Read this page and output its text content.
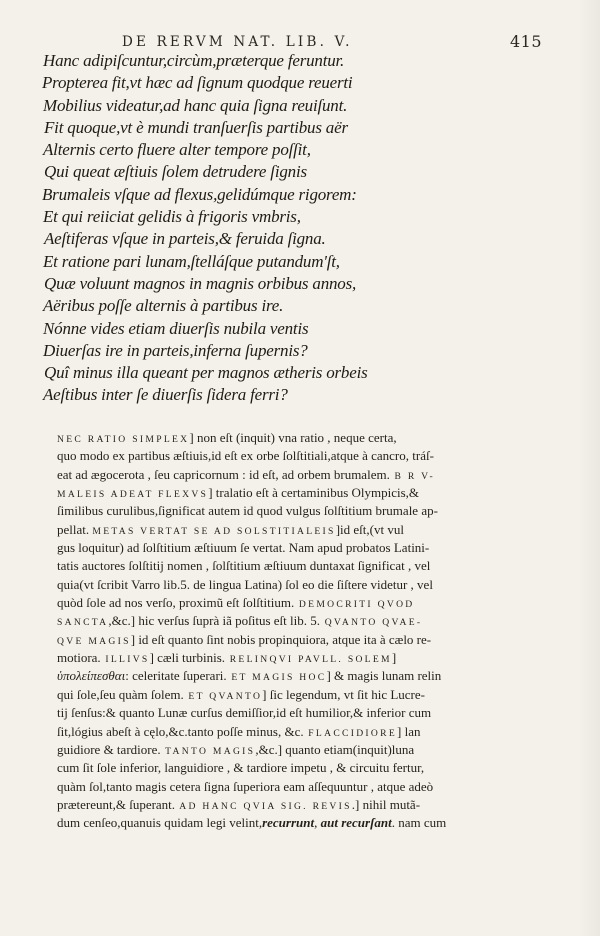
DE RERVM NAT. LIB. V.	415
Hanc adipiſcuntur,circùm,præterque feruntur.
Propterea fit,vt hæc ad ſignum quodque reuerti
Mobilius videatur,ad hanc quia ſigna reuiſunt.
Fit quoque,vt è mundi tranſuerſis partibus aër
Alternis certo fluere alter tempore poſſit,
Qui queat æſtiuis ſolem detrudere ſignis
Brumaleis vſque ad flexus,gelidúmque rigorem:
Et qui reiiciat gelidis à frigoris vmbris,
Aeſtiferas vſque in parteis,& feruida ſigna.
Et ratione pari lunam,ſtelláſque putandum'ſt,
Quæ voluunt magnos in magnis orbibus annos,
Aëribus poſſe alternis à partibus ire.
Nónne vides etiam diuerſis nubila ventis
Diuerſas ire in parteis,inferna ſupernis?
Quî minus illa queant per magnos ætheris orbeis
Aeſtibus inter ſe diuerſis ſidera ferri?
NEC RATIO SIMPLEX] non eſt (inquit) vna ratio , neque certa,
quo modo ex partibus æſtiuis,id eſt ex orbe ſolſtitiali,atque à cancro, tráſ-
eat ad ægocerota , ſeu capricornum : id eſt, ad orbem brumalem. B R V-
MALEIS ADEAT FLEXVS] tralatio eſt à certaminibus Olympicis,&
ſimilibus curulibus,ſignificat autem id quod vulgus ſolſtitium brumale ap-
pellat. METAS VERTAT SE AD SOLSTITIALEIS]id eſt,(vt vul
gus loquitur) ad ſolſtitium æſtiuum ſe vertat. Nam apud probatos Latini-
tatis auctores ſolſtitij nomen , ſolſtitium æſtiuum duntaxat ſignificat , vel
quia(vt ſcribit Varro lib.5. de lingua Latina) ſol eo die ſiſtere videtur , vel
quòd ſole ad nos verſo, proximũ eſt ſolſtitium. DEMOCRITI QVOD
SANCTA,&c.] hic verſus ſuprà iã poſitus eſt lib. 5. QVANTO QVAE-
QVE MAGIS] id eſt quanto ſint nobis propinquiora, atque ita à cælo re-
motiora. ILLIVS] cæli turbinis. RELINQVI PAVLL. SOLEM]
ὑπολείπεσθαι: celeritate ſuperari. ET MAGIS HOC] & magis lunam relin
qui ſole,ſeu quàm ſolem. ET QVANTO] ſic legendum, vt ſit hic Lucre-
tij ſenſus:& quanto Lunæ curſus demiſſior,id eſt humilior,& inferior cum
ſit,lógius abeſt à cęlo,&c.tanto poſſe minus, &c. FLACCIDIORE] lan
guidiore & tardiore. TANTO MAGIS,&c.] quanto etiam(inquit)luna
cum ſit ſole inferior, languidiore , & tardiore impetu , & circuitu fertur,
quàm ſol,tanto magis cetera ſigna ſuperiora eam aſſequuntur , atque adeò
prætereunt,& ſuperant. AD HANC QVIA SIG. REVIS.] nihil mutã-
dum cenſeo,quanuis quidam legi velint,recurrunt, aut recurſant. nam cum
